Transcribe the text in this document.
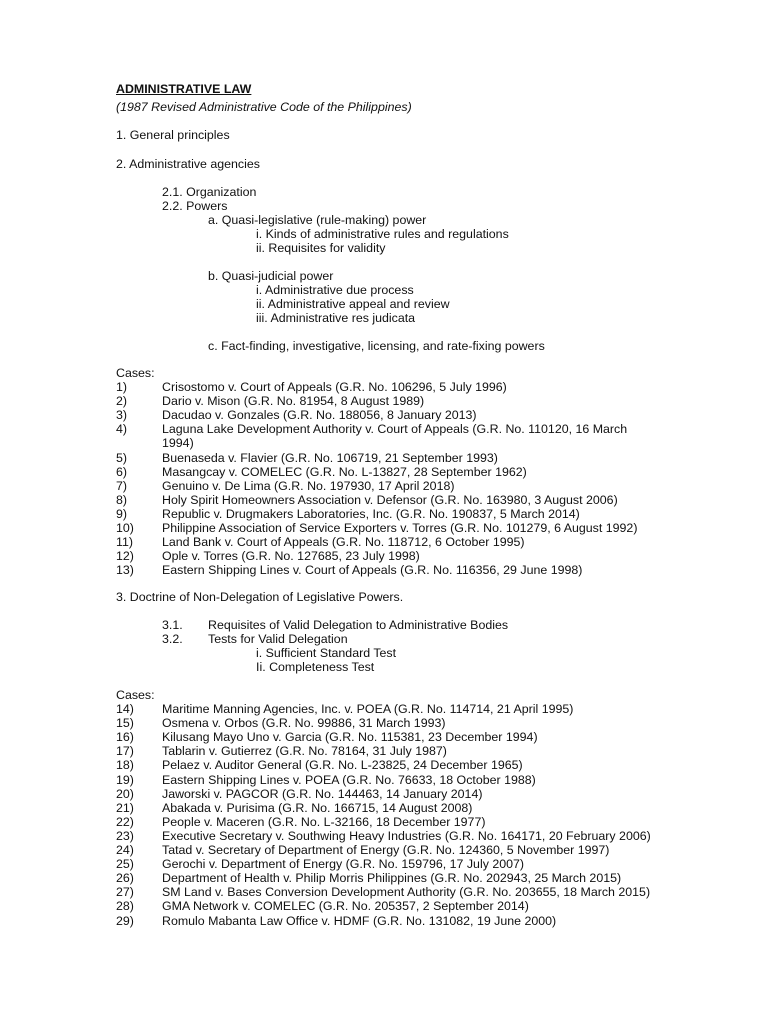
ADMINISTRATIVE LAW

(1987 Revised Administrative Code of the Philippines)

1. General principles

2. Administrative agencies

2.1. Organization

2.2. Powers

a. Quasi-legislative (rule-making) power

i. Kinds of administrative rules and regulations

ii. Requisites for validity

b. Quasi-judicial power

i. Administrative due process

ii. Administrative appeal and review

iii. Administrative res judicata

c. Fact-finding, investigative, licensing, and rate-fixing powers

Cases:

1)	Crisostomo v. Court of Appeals (G.R. No. 106296, 5 July 1996)

2)	Dario v. Mison (G.R. No. 81954, 8 August 1989)

3)	Dacudao v. Gonzales (G.R. No. 188056, 8 January 2013)

4)	Laguna Lake Development Authority v. Court of Appeals (G.R. No. 110120, 16 March

1994)

5)	Buenaseda v. Flavier (G.R. No. 106719, 21 September 1993)

6)	Masangcay v. COMELEC (G.R. No. L-13827, 28 September 1962)

7)	Genuino v. De Lima (G.R. No. 197930, 17 April 2018)

8)	Holy Spirit Homeowners Association v. Defensor (G.R. No. 163980, 3 August 2006)

9)	Republic v. Drugmakers Laboratories, Inc. (G.R. No. 190837, 5 March 2014)

10) Philippine Association of Service Exporters v. Torres (G.R. No. 101279, 6 August 1992)

11) Land Bank v. Court of Appeals (G.R. No. 118712, 6 October 1995)

12) Ople v. Torres (G.R. No. 127685, 23 July 1998)

13) Eastern Shipping Lines v. Court of Appeals (G.R. No. 116356, 29 June 1998)

3. Doctrine of Non-Delegation of Legislative Powers.

3.1. Requisites of Valid Delegation to Administrative Bodies

3.2. Tests for Valid Delegation

i. Sufficient Standard Test

Ii. Completeness Test

Cases:

14) Maritime Manning Agencies, Inc. v. POEA (G.R. No. 114714, 21 April 1995)

15) Osmena v. Orbos (G.R. No. 99886, 31 March 1993)

16) Kilusang Mayo Uno v. Garcia (G.R. No. 115381, 23 December 1994)

17) Tablarin v. Gutierrez (G.R. No. 78164, 31 July 1987)

18) Pelaez v. Auditor General (G.R. No. L-23825, 24 December 1965)

19) Eastern Shipping Lines v. POEA (G.R. No. 76633, 18 October 1988)

20) Jaworski v. PAGCOR (G.R. No. 144463, 14 January 2014)

21) Abakada v. Purisima (G.R. No. 166715, 14 August 2008)

22) People v. Maceren (G.R. No. L-32166, 18 December 1977)

23) Executive Secretary v. Southwing Heavy Industries (G.R. No. 164171, 20 February 2006)

24) Tatad v. Secretary of Department of Energy (G.R. No. 124360, 5 November 1997)

25) Gerochi v. Department of Energy (G.R. No. 159796, 17 July 2007)

26) Department of Health v. Philip Morris Philippines (G.R. No. 202943, 25 March 2015)

27) SM Land v. Bases Conversion Development Authority (G.R. No. 203655, 18 March 2015)

28) GMA Network v. COMELEC (G.R. No. 205357, 2 September 2014)

29) Romulo Mabanta Law Office v. HDMF (G.R. No. 131082, 19 June 2000)
